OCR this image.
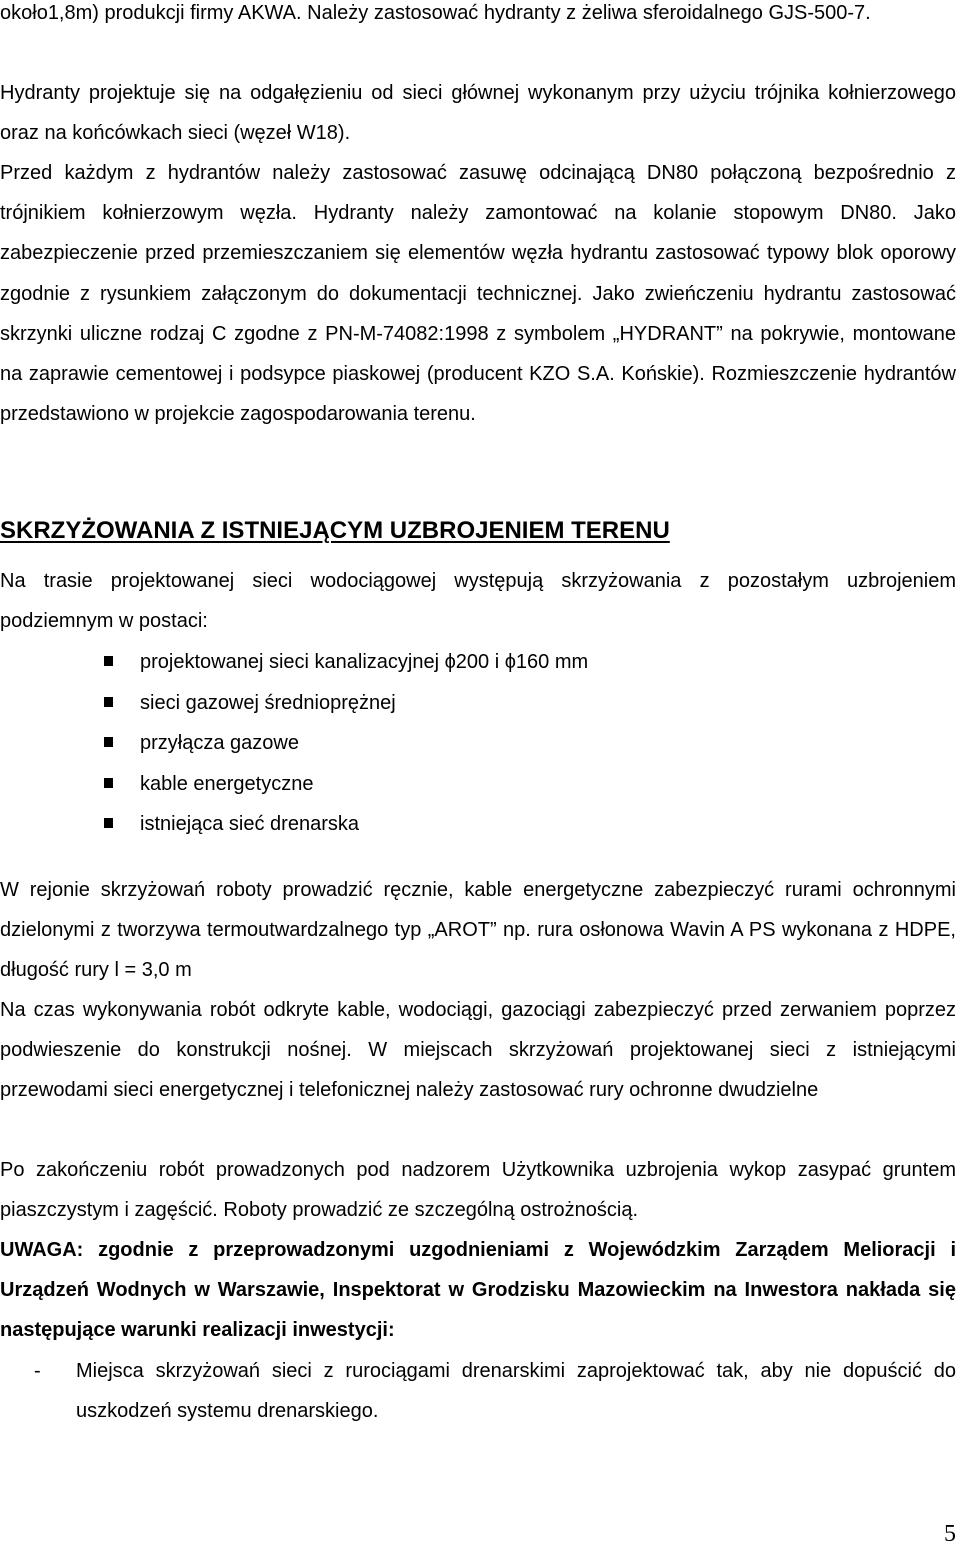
około1,8m) produkcji firmy AKWA. Należy zastosować hydranty z żeliwa sferoidalnego GJS-500-7.

Hydranty projektuje się na odgałęzieniu od sieci głównej wykonanym przy użyciu trójnika kołnierzowego oraz na końcówkach sieci (węzeł W18).

Przed każdym z hydrantów należy zastosować zasuwę odcinającą DN80 połączoną bezpośrednio z trójnikiem kołnierzowym węzła. Hydranty należy zamontować na kolanie stopowym DN80. Jako zabezpieczenie przed przemieszczaniem się elementów węzła hydrantu zastosować typowy blok oporowy zgodnie z rysunkiem załączonym do dokumentacji technicznej. Jako zwieńczeniu hydrantu zastosować skrzynki uliczne rodzaj C zgodne z PN-M-74082:1998 z symbolem „HYDRANT” na pokrywie, montowane na zaprawie cementowej i podsypce piaskowej (producent KZO S.A. Końskie). Rozmieszczenie hydrantów przedstawiono w projekcie zagospodarowania terenu.

SKRZYŻOWANIA Z ISTNIEJĄCYM UZBROJENIEM TERENU

Na trasie projektowanej sieci wodociągowej występują skrzyżowania z pozostałym uzbrojeniem podziemnym w postaci:

projektowanej sieci kanalizacyjnej ϕ200 i ϕ160 mm
sieci gazowej średnioprężnej
przyłącza gazowe
kable energetyczne
istniejąca sieć drenarska

W rejonie skrzyżowań roboty prowadzić ręcznie, kable energetyczne zabezpieczyć rurami ochronnymi dzielonymi z tworzywa termoutwardzalnego typ „AROT” np. rura osłonowa Wavin A PS wykonana z HDPE, długość rury l = 3,0 m

Na czas wykonywania robót odkryte kable, wodociągi, gazociągi zabezpieczyć przed zerwaniem poprzez podwieszenie do konstrukcji nośnej. W miejscach skrzyżowań projektowanej sieci z istniejącymi przewodami sieci energetycznej i telefonicznej należy zastosować rury ochronne dwudzielne

Po zakończeniu robót prowadzonych pod nadzorem Użytkownika uzbrojenia wykop zasypać gruntem piaszczystym i zagęścić. Roboty prowadzić ze szczególną ostrożnością.

UWAGA: zgodnie z przeprowadzonymi uzgodnieniami z Wojewódzkim Zarządem Melioracji i Urządzeń Wodnych w Warszawie, Inspektorat w Grodzisku Mazowieckim na Inwestora nakłada się następujące warunki realizacji inwestycji:

- Miejsca skrzyżowań sieci z rurociągami drenarskimi zaprojektować tak, aby nie dopuścić do uszkodzeń systemu drenarskiego.

5
